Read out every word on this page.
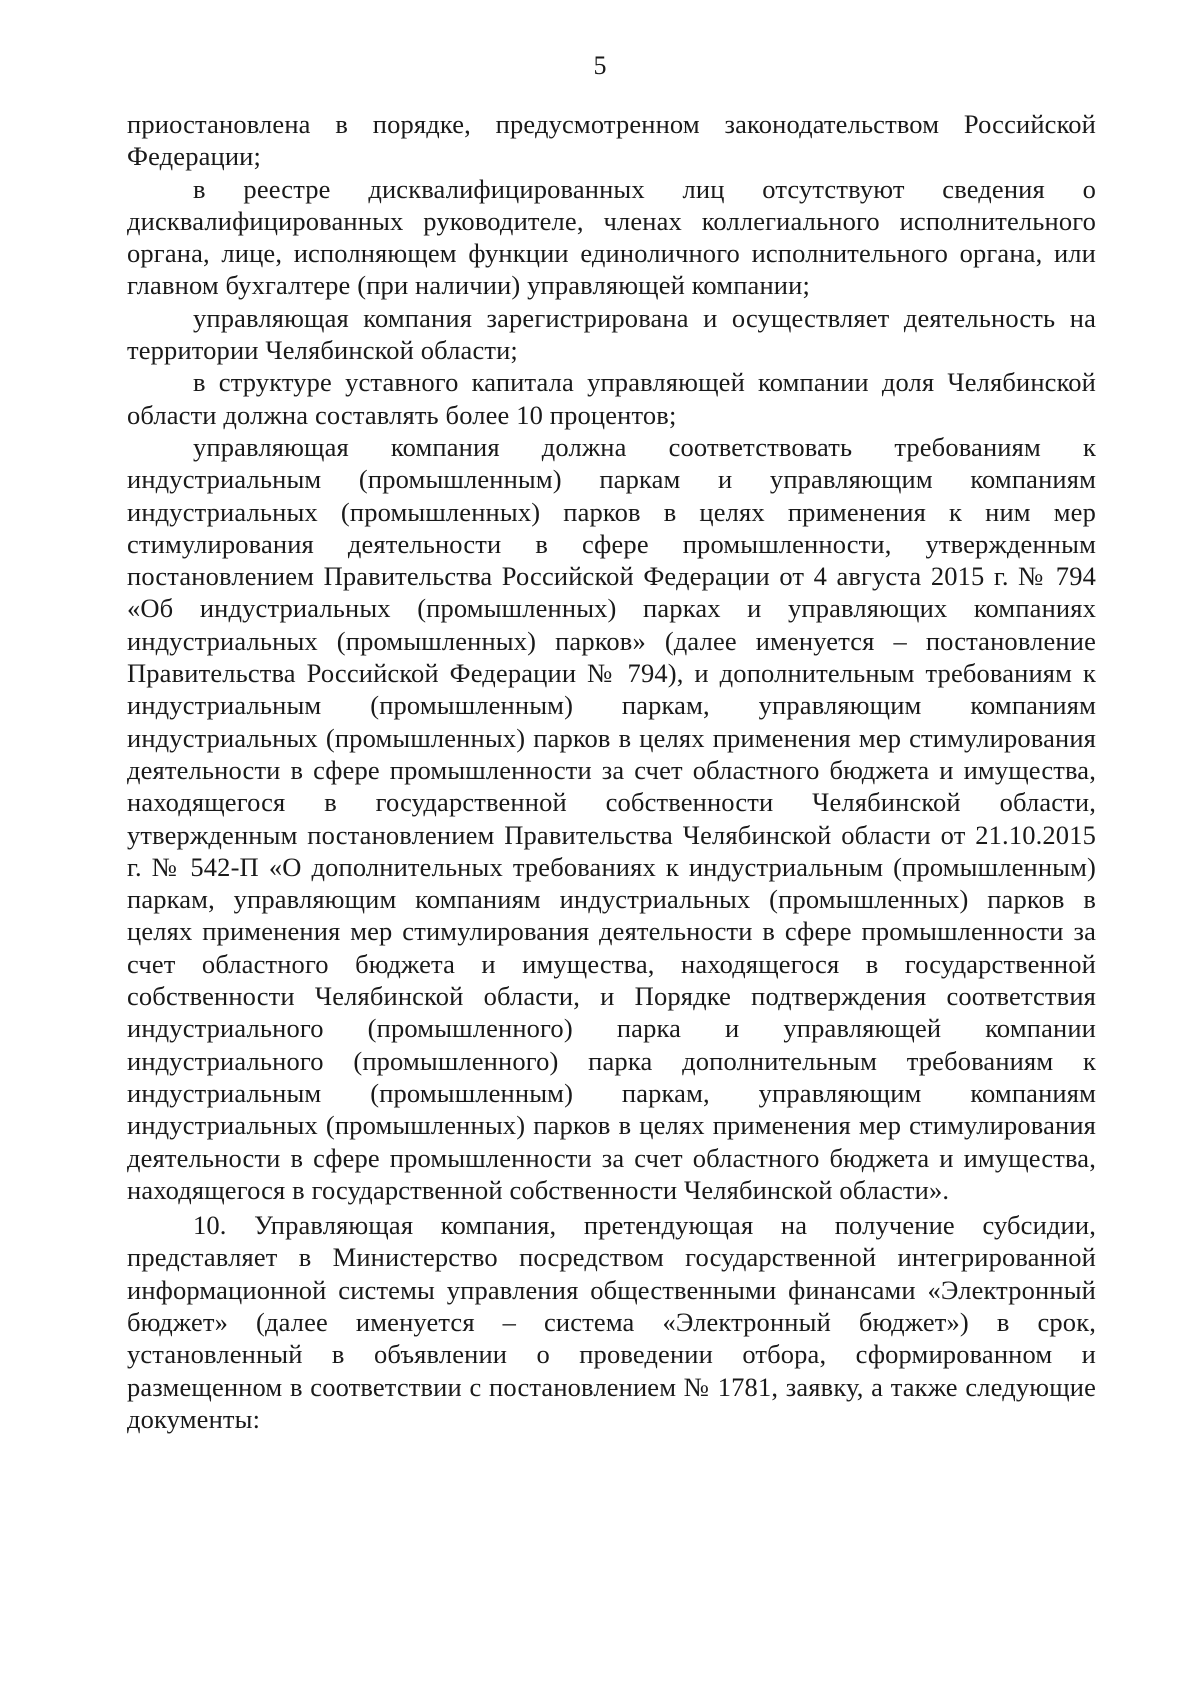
5

приостановлена в порядке, предусмотренном законодательством Российской Федерации;

в реестре дисквалифицированных лиц отсутствуют сведения о дисквалифицированных руководителе, членах коллегиального исполнительного органа, лице, исполняющем функции единоличного исполнительного органа, или главном бухгалтере (при наличии) управляющей компании;

управляющая компания зарегистрирована и осуществляет деятельность на территории Челябинской области;

в структуре уставного капитала управляющей компании доля Челябинской области должна составлять более 10 процентов;

управляющая компания должна соответствовать требованиям к индустриальным (промышленным) паркам и управляющим компаниям индустриальных (промышленных) парков в целях применения к ним мер стимулирования деятельности в сфере промышленности, утвержденным постановлением Правительства Российской Федерации от 4 августа 2015 г. № 794 «Об индустриальных (промышленных) парках и управляющих компаниях индустриальных (промышленных) парков» (далее именуется – постановление Правительства Российской Федерации № 794), и дополнительным требованиям к индустриальным (промышленным) паркам, управляющим компаниям индустриальных (промышленных) парков в целях применения мер стимулирования деятельности в сфере промышленности за счет областного бюджета и имущества, находящегося в государственной собственности Челябинской области, утвержденным постановлением Правительства Челябинской области от 21.10.2015 г. № 542-П «О дополнительных требованиях к индустриальным (промышленным) паркам, управляющим компаниям индустриальных (промышленных) парков в целях применения мер стимулирования деятельности в сфере промышленности за счет областного бюджета и имущества, находящегося в государственной собственности Челябинской области, и Порядке подтверждения соответствия индустриального (промышленного) парка и управляющей компании индустриального (промышленного) парка дополнительным требованиям к индустриальным (промышленным) паркам, управляющим компаниям индустриальных (промышленных) парков в целях применения мер стимулирования деятельности в сфере промышленности за счет областного бюджета и имущества, находящегося в государственной собственности Челябинской области».

10. Управляющая компания, претендующая на получение субсидии, представляет в Министерство посредством государственной интегрированной информационной системы управления общественными финансами «Электронный бюджет» (далее именуется – система «Электронный бюджет») в срок, установленный в объявлении о проведении отбора, сформированном и размещенном в соответствии с постановлением № 1781, заявку, а также следующие документы:
